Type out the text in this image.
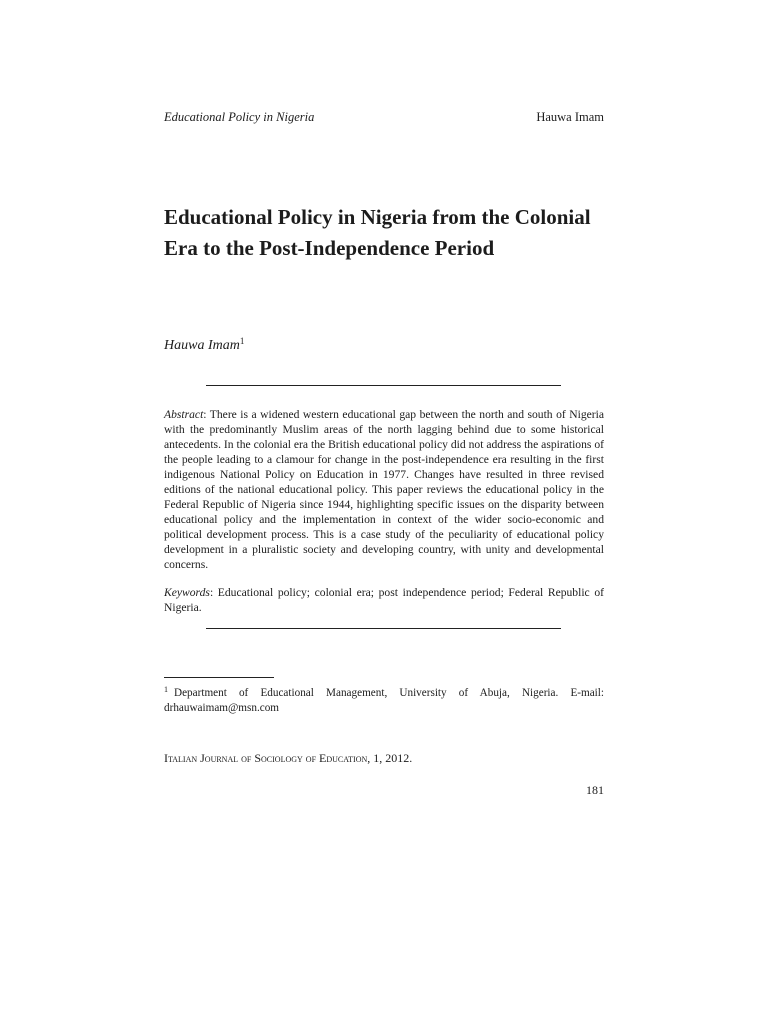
Educational Policy in Nigeria	Hauwa Imam
Educational Policy in Nigeria from the Colonial Era to the Post-Independence Period
Hauwa Imam$^1$

Abstract: There is a widened western educational gap between the north and south of Nigeria with the predominantly Muslim areas of the north lagging behind due to some historical antecedents. In the colonial era the British educational policy did not address the aspirations of the people leading to a clamour for change in the post-independence era resulting in the first indigenous National Policy on Education in 1977. Changes have resulted in three revised editions of the national educational policy. This paper reviews the educational policy in the Federal Republic of Nigeria since 1944, highlighting specific issues on the disparity between educational policy and the implementation in context of the wider socio-economic and political development process. This is a case study of the peculiarity of educational policy development in a pluralistic society and developing country, with unity and developmental concerns.

Keywords: Educational policy; colonial era; post independence period; Federal Republic of Nigeria.

$^1$ Department of Educational Management, University of Abuja, Nigeria. E-mail: drhauwaimam@msn.com

Italian Journal of Sociology of Education, 1, 2012.
181
